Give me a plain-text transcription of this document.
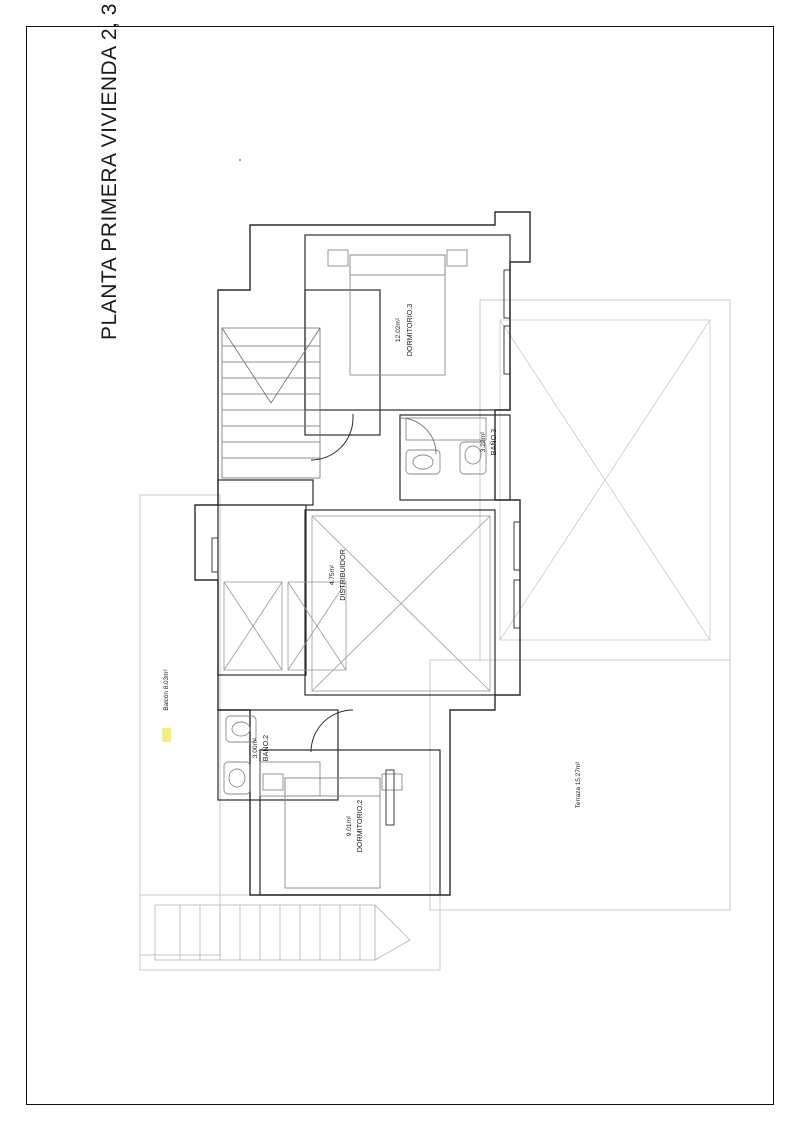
PLANTA PRIMERA VIVIENDA 2, 3	DORMITORIO.3
12.02m²
BAÑO.3
3.22m²
DISTRIBUIDOR
4.75m²
BAÑO.2
3.00m²
DORMITORIO.2
9.01m²
Balcón 8.03m²
Terraza 15.27m²
